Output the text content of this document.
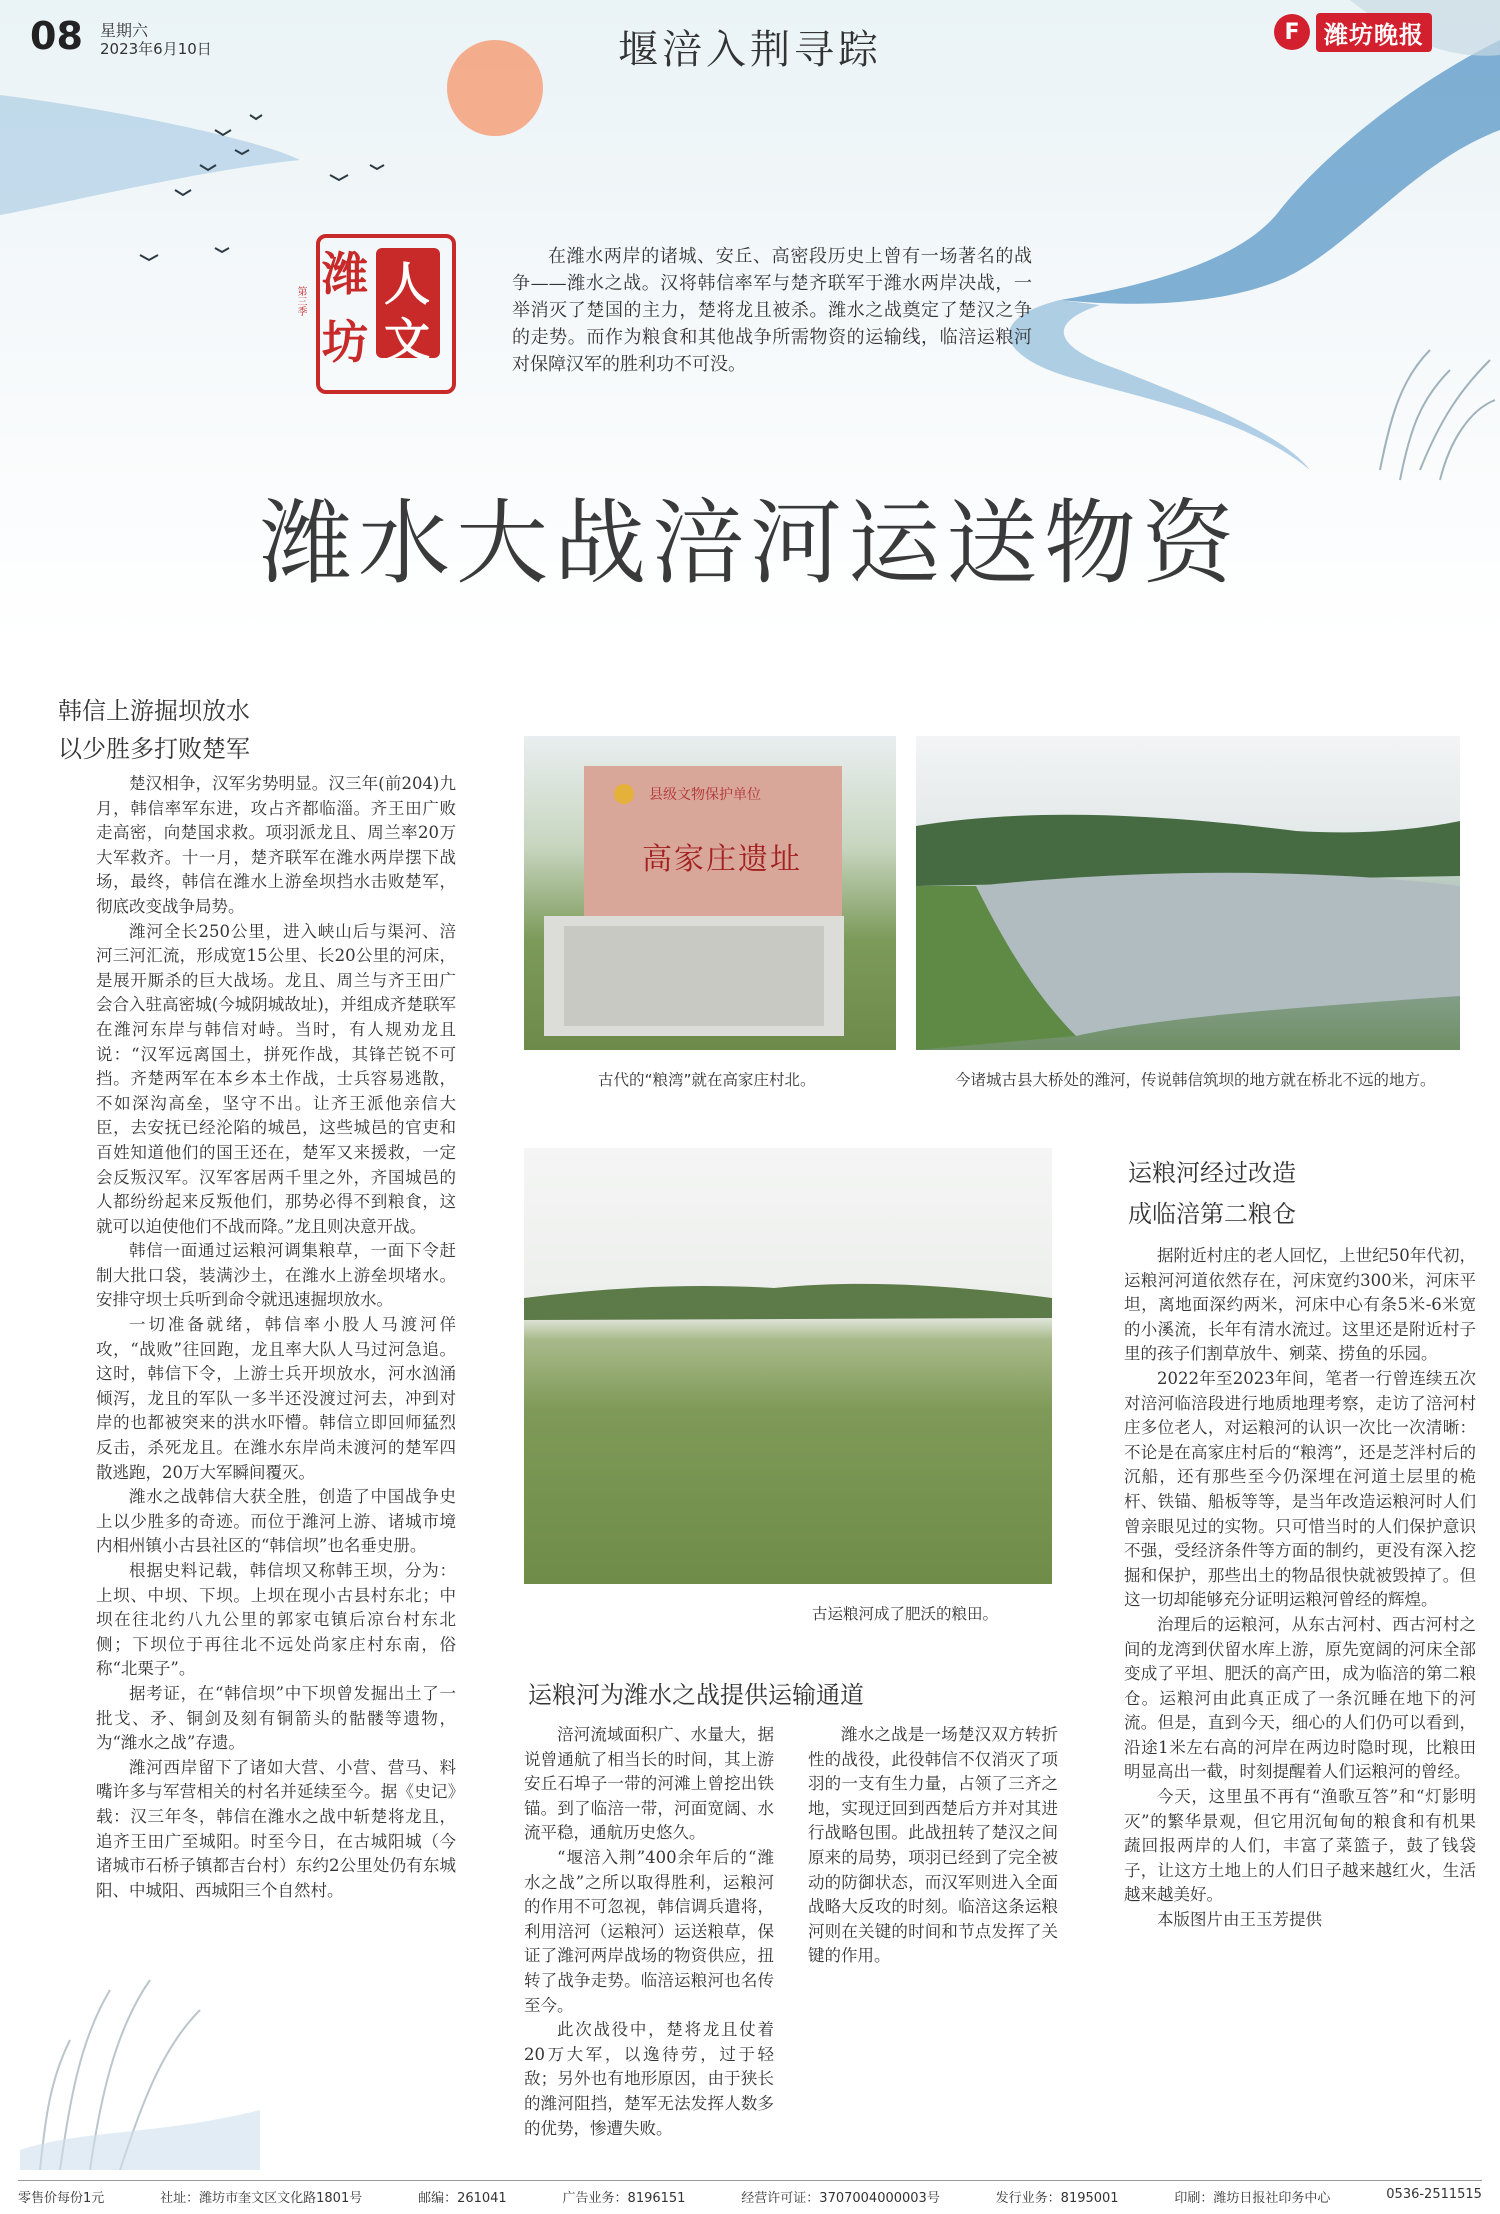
08 星期六
2023年6月10日	堰涪入荆寻踪	F	潍坊晚报
潍 人
坊 文
第三季
在潍水两岸的诸城、安丘、高密段历史上曾有一场著名的战争——潍水之战。汉将韩信率军与楚齐联军于潍水两岸决战，一举消灭了楚国的主力，楚将龙且被杀。潍水之战奠定了楚汉之争的走势。而作为粮食和其他战争所需物资的运输线，临涪运粮河对保障汉军的胜利功不可没。
潍水大战涪河运送物资
韩信上游掘坝放水
以少胜多打败楚军

楚汉相争，汉军劣势明显。汉三年(前204)九月，韩信率军东进，攻占齐都临淄。齐王田广败走高密，向楚国求救。项羽派龙且、周兰率20万大军救齐。十一月，楚齐联军在潍水两岸摆下战场，最终，韩信在潍水上游垒坝挡水击败楚军，彻底改变战争局势。

潍河全长250公里，进入峡山后与渠河、涪河三河汇流，形成宽15公里、长20公里的河床，是展开厮杀的巨大战场。龙且、周兰与齐王田广会合入驻高密城(今城阴城故址)，并组成齐楚联军在潍河东岸与韩信对峙。当时，有人规劝龙且说：“汉军远离国土，拼死作战，其锋芒锐不可挡。齐楚两军在本乡本土作战，士兵容易逃散，不如深沟高垒，坚守不出。让齐王派他亲信大臣，去安抚已经沦陷的城邑，这些城邑的官吏和百姓知道他们的国王还在，楚军又来援救，一定会反叛汉军。汉军客居两千里之外，齐国城邑的人都纷纷起来反叛他们，那势必得不到粮食，这就可以迫使他们不战而降。”龙且则决意开战。

韩信一面通过运粮河调集粮草，一面下令赶制大批口袋，装满沙土，在潍水上游垒坝堵水。安排守坝士兵听到命令就迅速掘坝放水。

一切准备就绪，韩信率小股人马渡河佯攻，“战败”往回跑，龙且率大队人马过河急追。这时，韩信下令，上游士兵开坝放水，河水汹涌倾泻，龙且的军队一多半还没渡过河去，冲到对岸的也都被突来的洪水吓懵。韩信立即回师猛烈反击，杀死龙且。在潍水东岸尚未渡河的楚军四散逃跑，20万大军瞬间覆灭。

潍水之战韩信大获全胜，创造了中国战争史上以少胜多的奇迹。而位于潍河上游、诸城市境内相州镇小古县社区的“韩信坝”也名垂史册。

根据史料记载，韩信坝又称韩王坝，分为：上坝、中坝、下坝。上坝在现小古县村东北；中坝在往北约八九公里的郭家屯镇后凉台村东北侧；下坝位于再往北不远处尚家庄村东南，俗称“北栗子”。

据考证，在“韩信坝”中下坝曾发掘出土了一批戈、矛、铜剑及刻有铜箭头的骷髅等遗物，为“潍水之战”存遗。

潍河西岸留下了诸如大营、小营、营马、料嘴许多与军营相关的村名并延续至今。据《史记》载：汉三年冬，韩信在潍水之战中斩楚将龙且，追齐王田广至城阳。时至今日，在古城阳城（今诸城市石桥子镇都吉台村）东约2公里处仍有东城阳、中城阳、西城阳三个自然村。

县级文物保护单位
高家庄遗址
古代的“粮湾”就在高家庄村北。	今诸城古县大桥处的潍河，传说韩信筑坝的地方就在桥北不远的地方。
古运粮河成了肥沃的粮田。
运粮河为潍水之战提供运输通道

涪河流域面积广、水量大，据说曾通航了相当长的时间，其上游安丘石埠子一带的河滩上曾挖出铁锚。到了临涪一带，河面宽阔、水流平稳，通航历史悠久。

“堰涪入荆”400余年后的“潍水之战”之所以取得胜利，运粮河的作用不可忽视，韩信调兵遣将，利用涪河（运粮河）运送粮草，保证了潍河两岸战场的物资供应，扭转了战争走势。临涪运粮河也名传至今。

此次战役中，楚将龙且仗着20万大军，以逸待劳，过于轻敌；另外也有地形原因，由于狭长的潍河阻挡，楚军无法发挥人数多的优势，惨遭失败。

潍水之战是一场楚汉双方转折性的战役，此役韩信不仅消灭了项羽的一支有生力量，占领了三齐之地，实现迂回到西楚后方并对其进行战略包围。此战扭转了楚汉之间原来的局势，项羽已经到了完全被动的防御状态，而汉军则进入全面战略大反攻的时刻。临涪这条运粮河则在关键的时间和节点发挥了关键的作用。

运粮河经过改造
成临涪第二粮仓

据附近村庄的老人回忆，上世纪50年代初，运粮河河道依然存在，河床宽约300米，河床平坦，离地面深约两米，河床中心有条5米-6米宽的小溪流，长年有清水流过。这里还是附近村子里的孩子们割草放牛、剜菜、捞鱼的乐园。

2022年至2023年间，笔者一行曾连续五次对涪河临涪段进行地质地理考察，走访了涪河村庄多位老人，对运粮河的认识一次比一次清晰：不论是在高家庄村后的“粮湾”，还是芝泮村后的沉船，还有那些至今仍深埋在河道土层里的桅杆、铁锚、船板等等，是当年改造运粮河时人们曾亲眼见过的实物。只可惜当时的人们保护意识不强，受经济条件等方面的制约，更没有深入挖掘和保护，那些出土的物品很快就被毁掉了。但这一切却能够充分证明运粮河曾经的辉煌。

治理后的运粮河，从东古河村、西古河村之间的龙湾到伏留水库上游，原先宽阔的河床全部变成了平坦、肥沃的高产田，成为临涪的第二粮仓。运粮河由此真正成了一条沉睡在地下的河流。但是，直到今天，细心的人们仍可以看到，沿途1米左右高的河岸在两边时隐时现，比粮田明显高出一截，时刻提醒着人们运粮河的曾经。

今天，这里虽不再有“渔歌互答”和“灯影明灭”的繁华景观，但它用沉甸甸的粮食和有机果蔬回报两岸的人们，丰富了菜篮子，鼓了钱袋子，让这方土地上的人们日子越来越红火，生活越来越美好。

本版图片由王玉芳提供

零售价每份1元	社址：潍坊市奎文区文化路1801号	邮编：261041	广告业务：8196151	经营许可证：3707004000003号	发行业务：8195001	印刷：潍坊日报社印务中心	0536-2511515
